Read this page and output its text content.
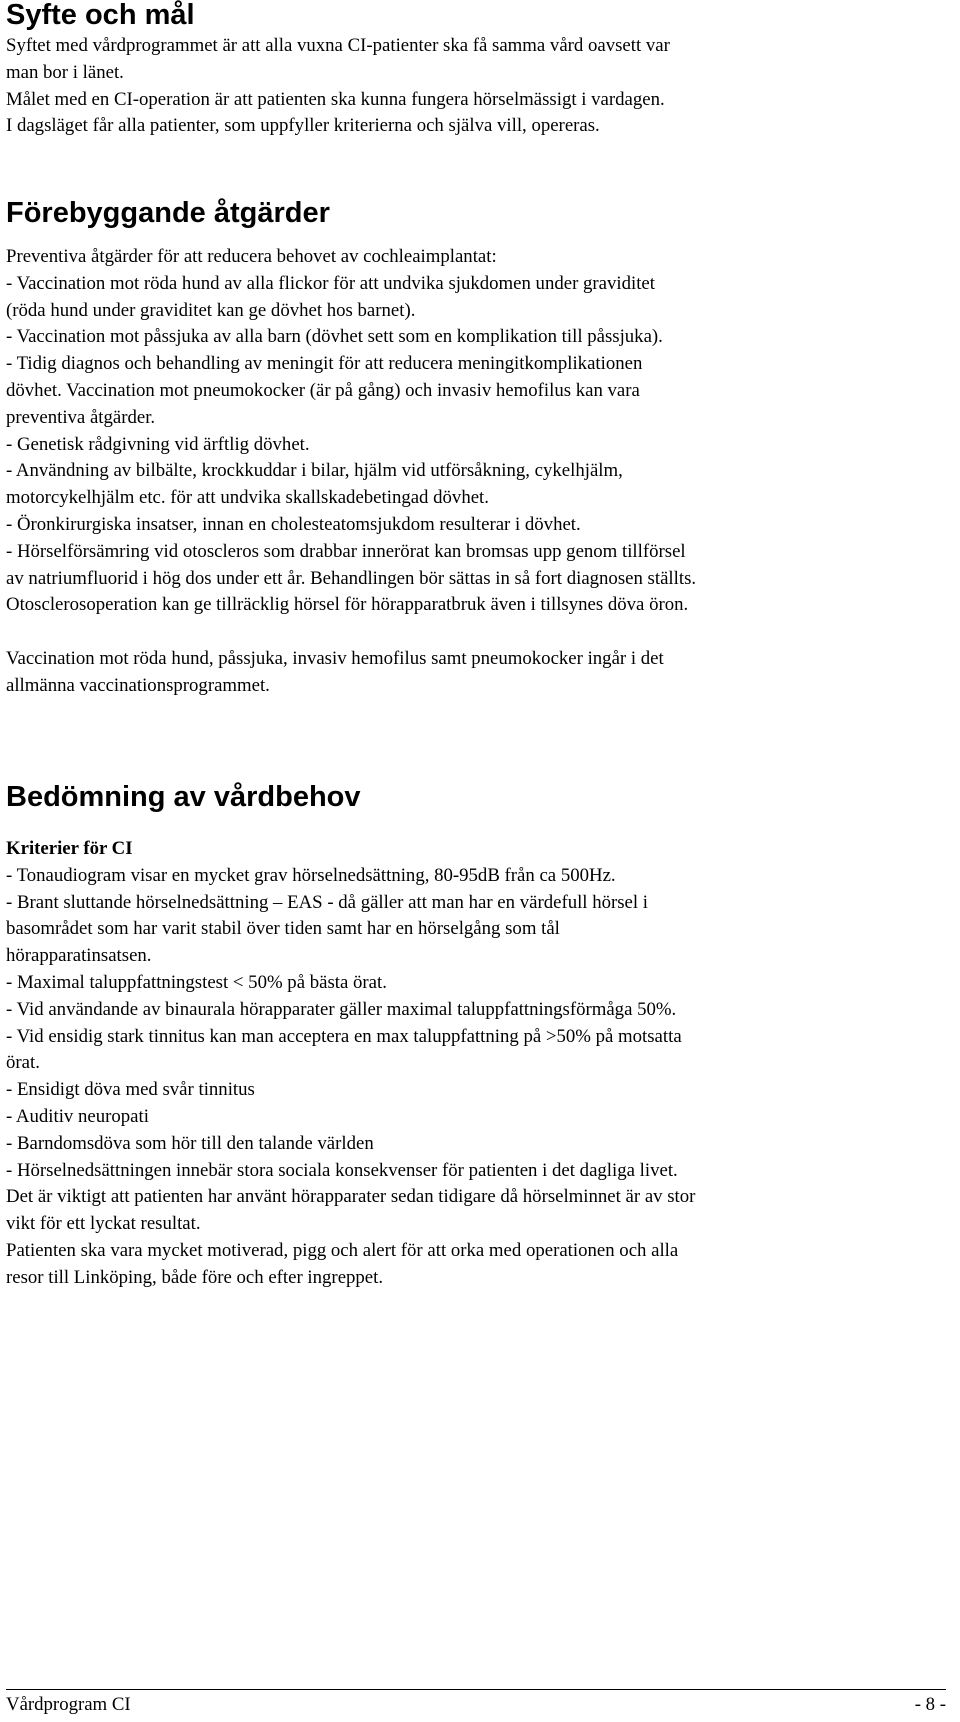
Syfte och mål

Syftet med vårdprogrammet är att alla vuxna CI-patienter ska få samma vård oavsett var

man bor i länet.

Målet med en CI-operation är att patienten ska kunna fungera hörselmässigt i vardagen.

I dagsläget får alla patienter, som uppfyller kriterierna och själva vill, opereras.

Förebyggande åtgärder

Preventiva åtgärder för att reducera behovet av cochleaimplantat:

- Vaccination mot röda hund av alla flickor för att undvika sjukdomen under graviditet

(röda hund under graviditet kan ge dövhet hos barnet).

- Vaccination mot påssjuka av alla barn (dövhet sett som en komplikation till påssjuka).

- Tidig diagnos och behandling av meningit för att reducera meningitkomplikationen

dövhet. Vaccination mot pneumokocker (är på gång) och invasiv hemofilus kan vara

preventiva åtgärder.

- Genetisk rådgivning vid ärftlig dövhet.

- Användning av bilbälte, krockkuddar i bilar, hjälm vid utförsåkning, cykelhjälm,

motorcykelhjälm etc. för att undvika skallskadebetingad dövhet.

- Öronkirurgiska insatser, innan en cholesteatomsjukdom resulterar i dövhet.

- Hörselförsämring vid otoscleros som drabbar innerörat kan bromsas upp genom tillförsel

av natriumfluorid i hög dos under ett år. Behandlingen bör sättas in så fort diagnosen ställts.

Otosclerosoperation kan ge tillräcklig hörsel för hörapparatbruk även i tillsynes döva öron.

Vaccination mot röda hund, påssjuka, invasiv hemofilus samt pneumokocker ingår i det

allmänna vaccinationsprogrammet.

Bedömning av vårdbehov

Kriterier för CI

- Tonaudiogram visar en mycket grav hörselnedsättning, 80-95dB från ca 500Hz.

- Brant sluttande hörselnedsättning – EAS - då gäller att man har en värdefull hörsel i

basområdet som har varit stabil över tiden samt har en hörselgång som tål

hörapparatinsatsen.

- Maximal taluppfattningstest < 50% på bästa örat.

- Vid användande av binaurala hörapparater gäller maximal taluppfattningsförmåga 50%.

- Vid ensidig stark tinnitus kan man acceptera en max taluppfattning på >50% på motsatta

örat.

- Ensidigt döva med svår tinnitus

- Auditiv neuropati

- Barndomsdöva som hör till den talande världen

- Hörselnedsättningen innebär stora sociala konsekvenser för patienten i det dagliga livet.

Det är viktigt att patienten har använt hörapparater sedan tidigare då hörselminnet är av stor

vikt för ett lyckat resultat.

Patienten ska vara mycket motiverad, pigg och alert för att orka med operationen och alla

resor till Linköping, både före och efter ingreppet.

Vårdprogram CI	- 8 -
